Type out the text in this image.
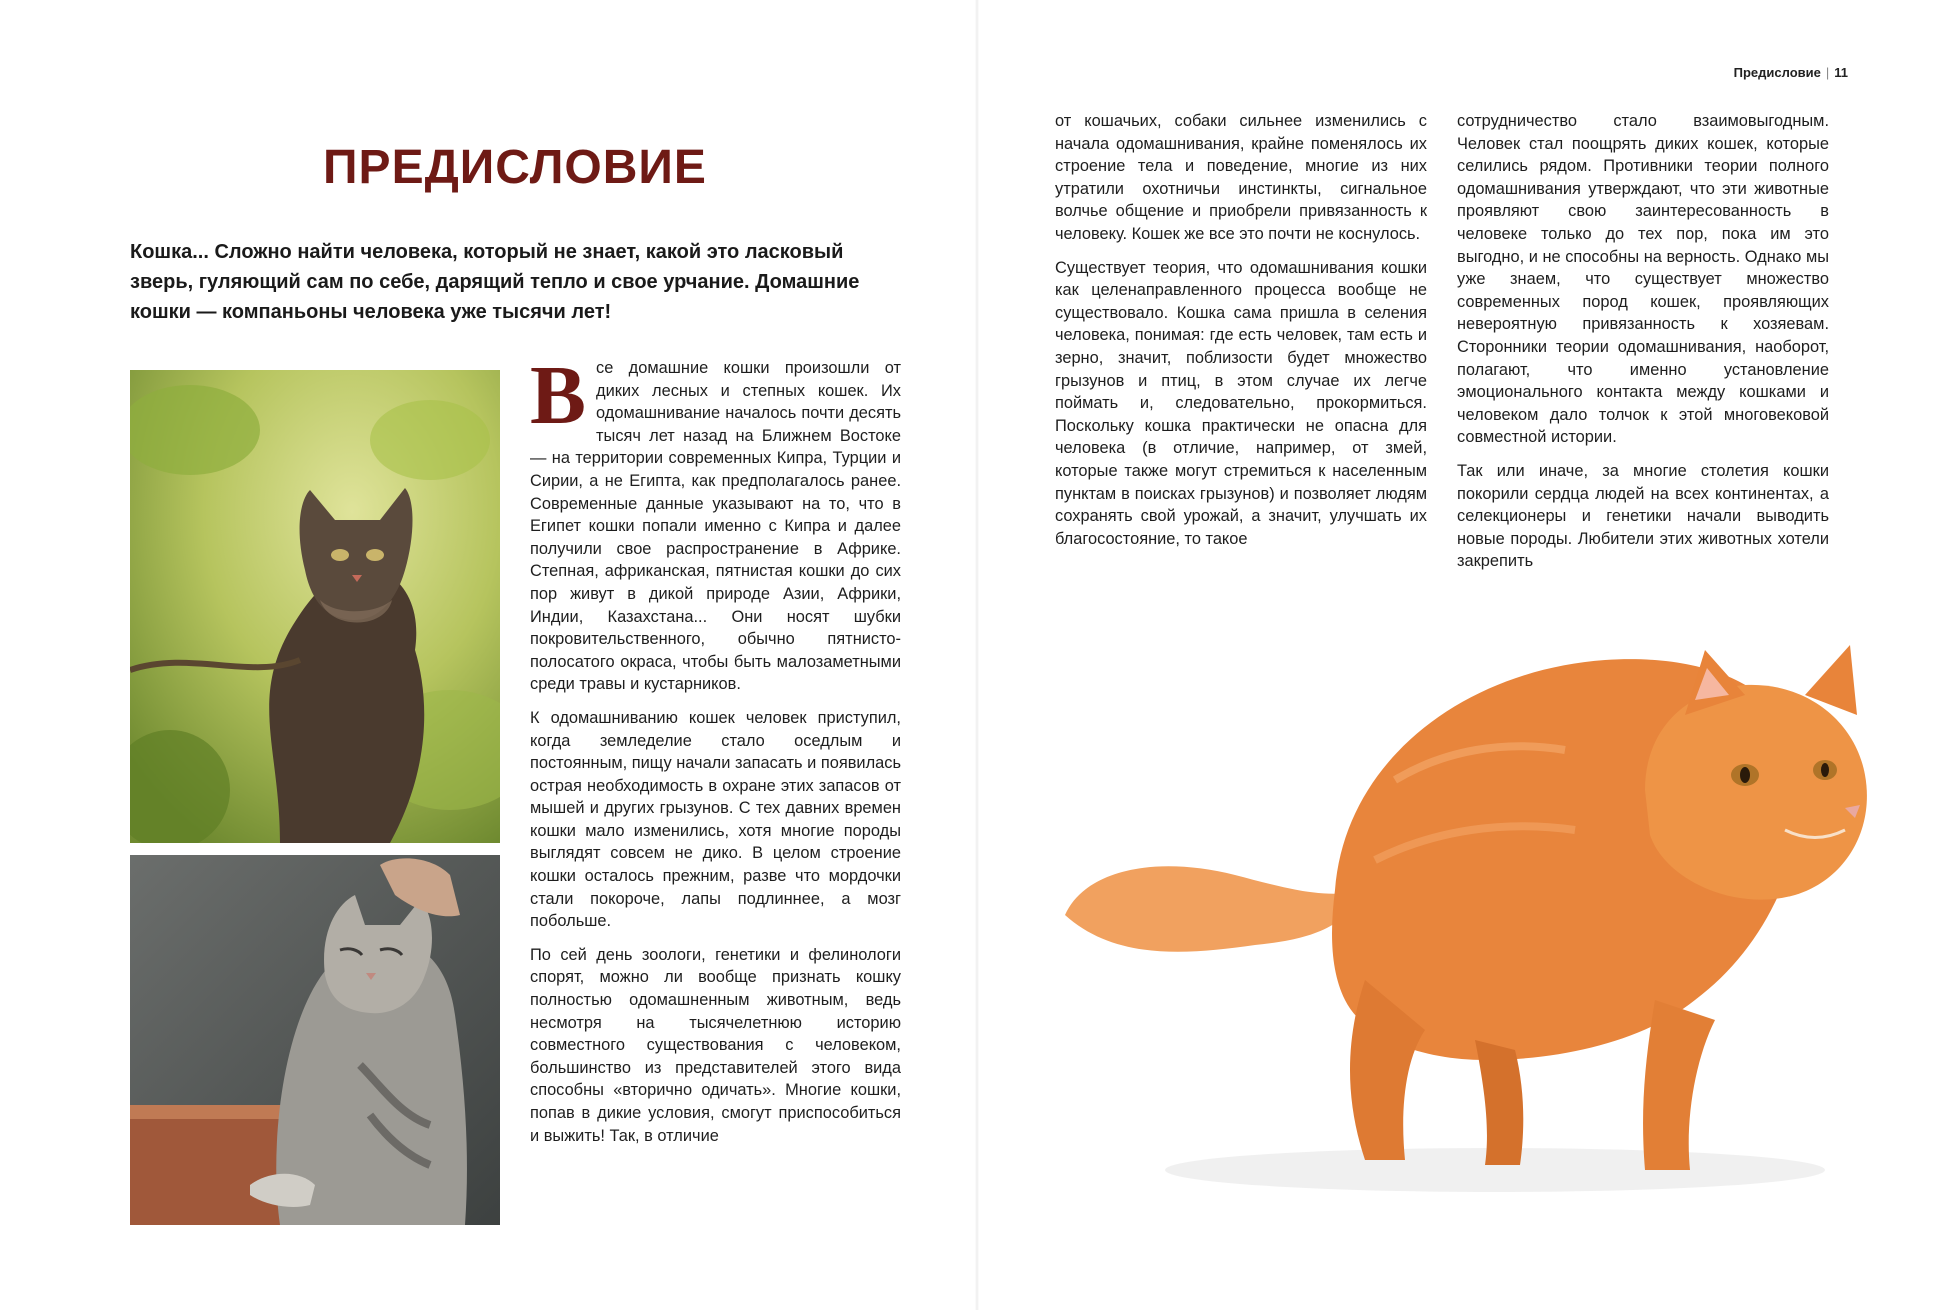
Предисловие | 11
ПРЕДИСЛОВИЕ

Кошка... Сложно найти человека, который не знает, какой это ласковый зверь, гуляющий сам по себе, дарящий тепло и свое урчание. Домашние кошки — компаньоны человека уже тысячи лет!

Все домашние кошки произошли от диких лесных и степных кошек. Их одомашнивание началось почти десять тысяч лет назад на Ближнем Востоке — на территории современных Кипра, Турции и Сирии, а не Египта, как предполагалось ранее. Современные данные указывают на то, что в Египет кошки попали именно с Кипра и далее получили свое распространение в Африке. Степная, африканская, пятнистая кошки до сих пор живут в дикой природе Азии, Африки, Индии, Казахстана... Они носят шубки покровительственного, обычно пятнисто-полосатого окраса, чтобы быть малозаметными среди травы и кустарников.

К одомашниванию кошек человек приступил, когда земледелие стало оседлым и постоянным, пищу начали запасать и появилась острая необходимость в охране этих запасов от мышей и других грызунов. С тех давних времен кошки мало изменились, хотя многие породы выглядят совсем не дико. В целом строение кошки осталось прежним, разве что мордочки стали покороче, лапы подлиннее, а мозг побольше.

По сей день зоологи, генетики и фелинологи спорят, можно ли вообще признать кошку полностью одомашненным животным, ведь несмотря на тысячелетнюю историю совместного существования с человеком, большинство из представителей этого вида способны «вторично одичать». Многие кошки, попав в дикие условия, смогут приспособиться и выжить! Так, в отличие

от кошачьих, собаки сильнее изменились с начала одомашнивания, крайне поменялось их строение тела и поведение, многие из них утратили охотничьи инстинкты, сигнальное волчье общение и приобрели привязанность к человеку. Кошек же все это почти не коснулось.

Существует теория, что одомашнивания кошки как целенаправленного процесса вообще не существовало. Кошка сама пришла в селения человека, понимая: где есть человек, там есть и зерно, значит, поблизости будет множество грызунов и птиц, в этом случае их легче поймать и, следовательно, прокормиться. Поскольку кошка практически не опасна для человека (в отличие, например, от змей, которые также могут стремиться к населенным пунктам в поисках грызунов) и позволяет людям сохранять свой урожай, а значит, улучшать их благосостояние, то такое

сотрудничество стало взаимовыгодным. Человек стал поощрять диких кошек, которые селились рядом. Противники теории полного одомашнивания утверждают, что эти животные проявляют свою заинтересованность в человеке только до тех пор, пока им это выгодно, и не способны на верность. Однако мы уже знаем, что существует множество современных пород кошек, проявляющих невероятную привязанность к хозяевам. Сторонники теории одомашнивания, наоборот, полагают, что именно установление эмоционального контакта между кошками и человеком дало толчок к этой многовековой совместной истории.

Так или иначе, за многие столетия кошки покорили сердца людей на всех континентах, а селекционеры и генетики начали выводить новые породы. Любители этих животных хотели закрепить
